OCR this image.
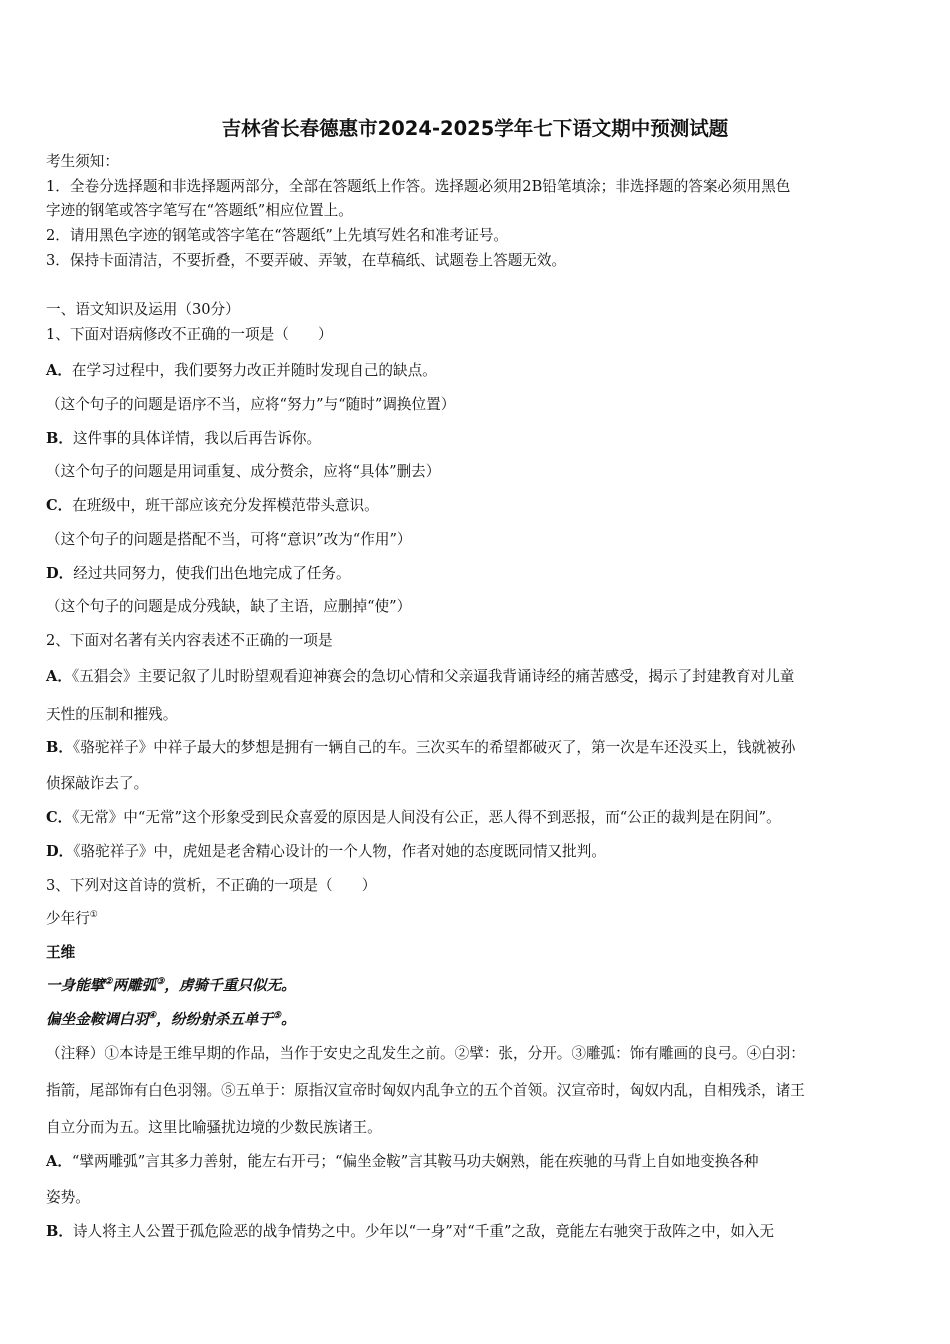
吉林省长春德惠市2024-2025学年七下语文期中预测试题
考生须知：
1．全卷分选择题和非选择题两部分，全部在答题纸上作答。选择题必须用2B铅笔填涂；非选择题的答案必须用黑色
字迹的钢笔或答字笔写在“答题纸”相应位置上。
2．请用黑色字迹的钢笔或答字笔在“答题纸”上先填写姓名和准考证号。
3．保持卡面清洁，不要折叠，不要弄破、弄皱，在草稿纸、试题卷上答题无效。
一、语文知识及运用（30分）
1、下面对语病修改不正确的一项是（　　）
A．在学习过程中，我们要努力改正并随时发现自己的缺点。
（这个句子的问题是语序不当，应将“努力”与“随时”调换位置）
B．这件事的具体详情，我以后再告诉你。
（这个句子的问题是用词重复、成分赘余，应将“具体”删去）
C．在班级中，班干部应该充分发挥模范带头意识。
（这个句子的问题是搭配不当，可将“意识”改为“作用”）
D．经过共同努力，使我们出色地完成了任务。
（这个句子的问题是成分残缺，缺了主语，应删掉“使”）
2、下面对名著有关内容表述不正确的一项是
A．《五猖会》主要记叙了儿时盼望观看迎神赛会的急切心情和父亲逼我背诵诗经的痛苦感受，揭示了封建教育对儿童
天性的压制和摧残。
B．《骆驼祥子》中祥子最大的梦想是拥有一辆自己的车。三次买车的希望都破灭了，第一次是车还没买上，钱就被孙
侦探敲诈去了。
C．《无常》中“无常”这个形象受到民众喜爱的原因是人间没有公正，恶人得不到恶报，而“公正的裁判是在阴间”。
D．《骆驼祥子》中，虎妞是老舍精心设计的一个人物，作者对她的态度既同情又批判。
3、下列对这首诗的赏析，不正确的一项是（　　）
少年行①
王维
一身能擘②两雕弧③，虏骑千重只似无。
偏坐金鞍调白羽④，纷纷射杀五单于⑤。
（注释）①本诗是王维早期的作品，当作于安史之乱发生之前。②擘：张，分开。③雕弧：饰有雕画的良弓。④白羽：
指箭，尾部饰有白色羽翎。⑤五单于：原指汉宣帝时匈奴内乱争立的五个首领。汉宣帝时，匈奴内乱，自相残杀，诸王
自立分而为五。这里比喻骚扰边境的少数民族诸王。
A．“擘两雕弧”言其多力善射，能左右开弓；“偏坐金鞍”言其鞍马功夫娴熟，能在疾驰的马背上自如地变换各种
姿势。
B．诗人将主人公置于孤危险恶的战争情势之中。少年以“一身”对“千重”之敌，竟能左右驰突于敌阵之中，如入无
